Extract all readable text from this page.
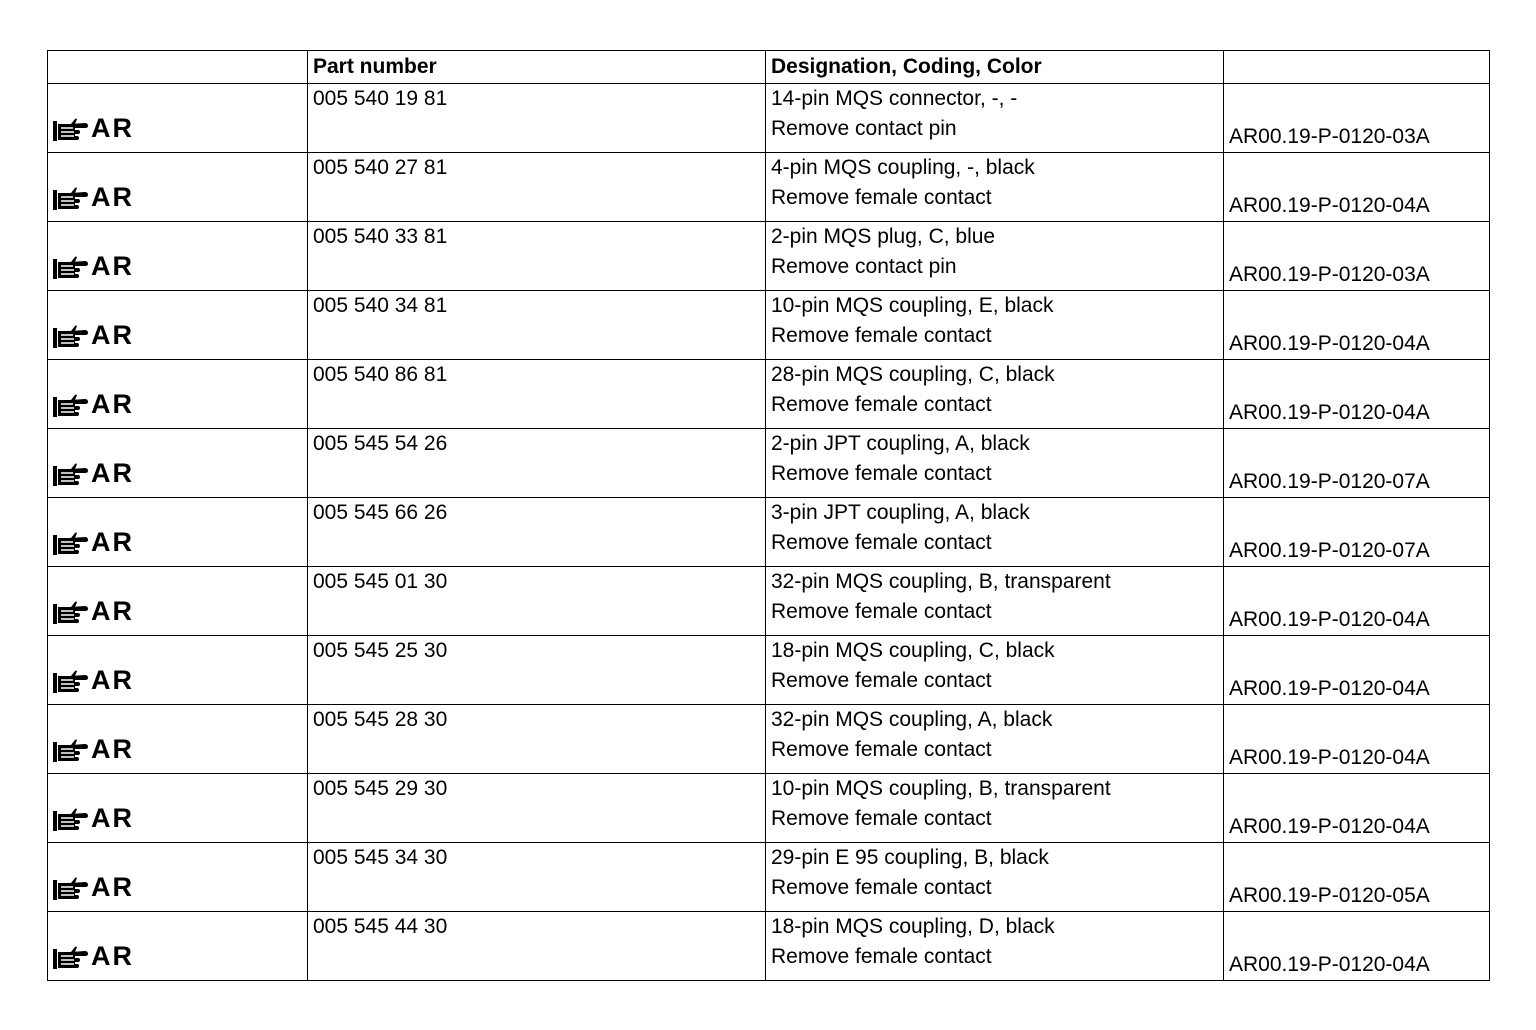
	Part number	Designation, Coding, Color	

AR	005 540 19 81	14-pin MQS connector, -, -
Remove contact pin	AR00.19-P-0120-03A

AR	005 540 27 81	4-pin MQS coupling, -, black
Remove female contact	AR00.19-P-0120-04A

AR	005 540 33 81	2-pin MQS plug, C, blue
Remove contact pin	AR00.19-P-0120-03A

AR	005 540 34 81	10-pin MQS coupling, E, black
Remove female contact	AR00.19-P-0120-04A

AR	005 540 86 81	28-pin MQS coupling, C, black
Remove female contact	AR00.19-P-0120-04A

AR	005 545 54 26	2-pin JPT coupling, A, black
Remove female contact	AR00.19-P-0120-07A

AR	005 545 66 26	3-pin JPT coupling, A, black
Remove female contact	AR00.19-P-0120-07A

AR	005 545 01 30	32-pin MQS coupling, B, transparent
Remove female contact	AR00.19-P-0120-04A

AR	005 545 25 30	18-pin MQS coupling, C, black
Remove female contact	AR00.19-P-0120-04A

AR	005 545 28 30	32-pin MQS coupling, A, black
Remove female contact	AR00.19-P-0120-04A

AR	005 545 29 30	10-pin MQS coupling, B, transparent
Remove female contact	AR00.19-P-0120-04A

AR	005 545 34 30	29-pin E 95 coupling, B, black
Remove female contact	AR00.19-P-0120-05A

AR	005 545 44 30	18-pin MQS coupling, D, black
Remove female contact	AR00.19-P-0120-04A
